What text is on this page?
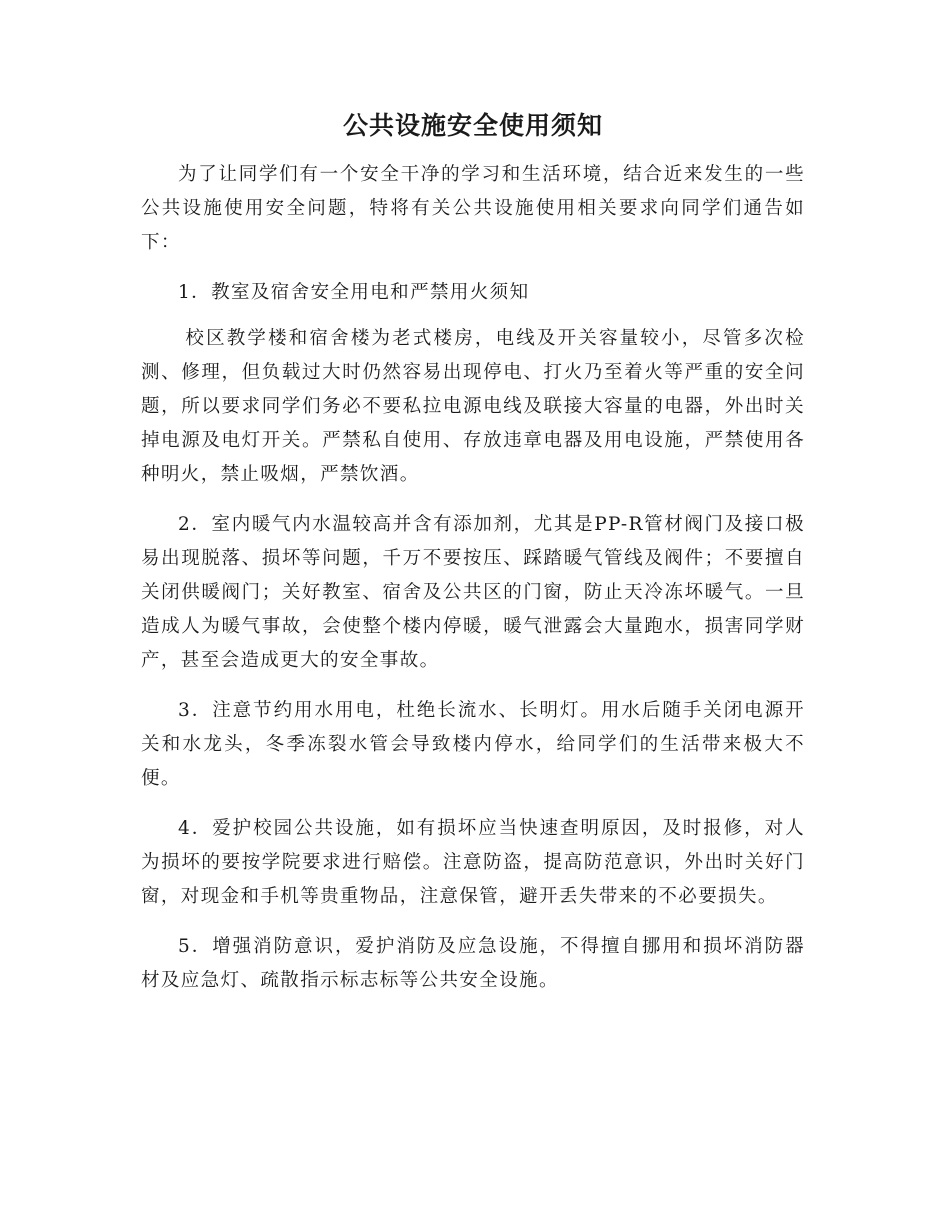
公共设施安全使用须知

为了让同学们有一个安全干净的学习和生活环境，结合近来发生的一些公共设施使用安全问题，特将有关公共设施使用相关要求向同学们通告如下：

1．教室及宿舍安全用电和严禁用火须知

校区教学楼和宿舍楼为老式楼房，电线及开关容量较小，尽管多次检测、修理，但负载过大时仍然容易出现停电、打火乃至着火等严重的安全问题，所以要求同学们务必不要私拉电源电线及联接大容量的电器，外出时关掉电源及电灯开关。严禁私自使用、存放违章电器及用电设施，严禁使用各种明火，禁止吸烟，严禁饮酒。

2．室内暖气内水温较高并含有添加剂，尤其是PP-R管材阀门及接口极易出现脱落、损坏等问题，千万不要按压、踩踏暖气管线及阀件；不要擅自关闭供暖阀门；关好教室、宿舍及公共区的门窗，防止天冷冻坏暖气。一旦造成人为暖气事故，会使整个楼内停暖，暖气泄露会大量跑水，损害同学财产，甚至会造成更大的安全事故。

3．注意节约用水用电，杜绝长流水、长明灯。用水后随手关闭电源开关和水龙头，冬季冻裂水管会导致楼内停水，给同学们的生活带来极大不便。

4．爱护校园公共设施，如有损坏应当快速查明原因，及时报修，对人为损坏的要按学院要求进行赔偿。注意防盗，提高防范意识，外出时关好门窗，对现金和手机等贵重物品，注意保管，避开丢失带来的不必要损失。

5．增强消防意识，爱护消防及应急设施，不得擅自挪用和损坏消防器材及应急灯、疏散指示标志标等公共安全设施。
